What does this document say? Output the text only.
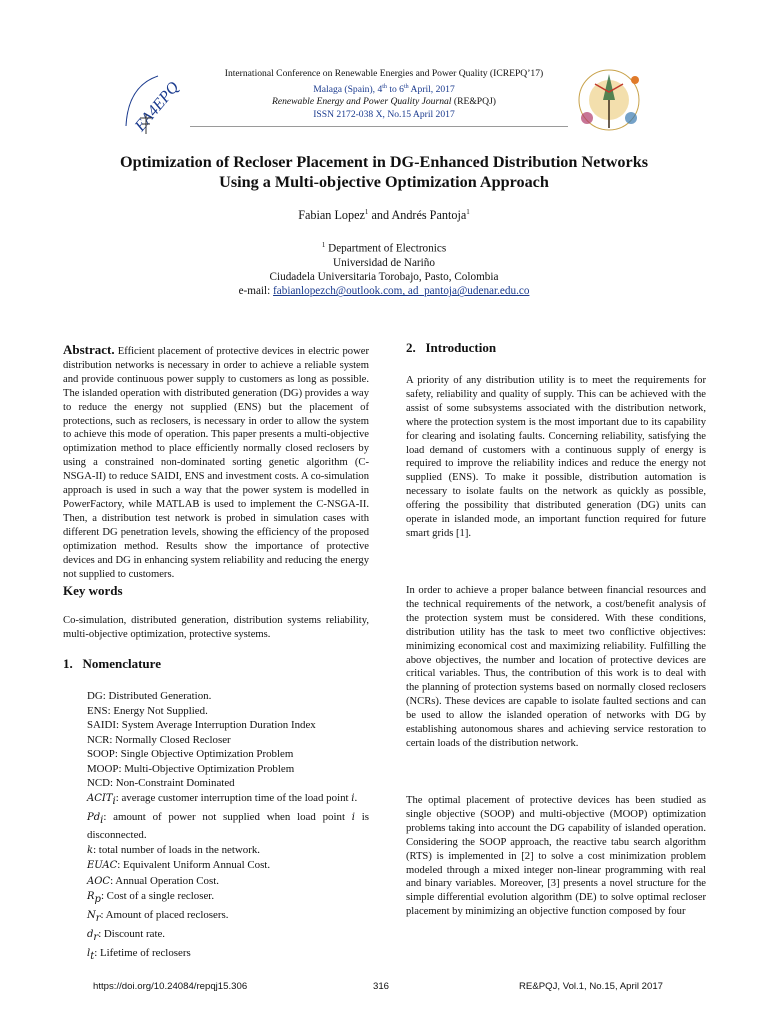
EA4EPQ
International Conference on Renewable Energies and Power Quality (ICREPQ’17)
Malaga (Spain), 4th to 6th April, 2017
Renewable Energy and Power Quality Journal (RE&PQJ)
ISSN 2172-038 X, No.15 April 2017
Optimization of Recloser Placement in DG-Enhanced Distribution Networks
Using a Multi-objective Optimization Approach
Fabian Lopez$^1$ and Andrés Pantoja$^1$
$^1$ Department of Electronics
Universidad de Nariño
Ciudadela Universitaria Torobajo, Pasto, Colombia
e-mail: fabianlopezch@outlook.com, ad_pantoja@udenar.edu.co
Abstract. Efficient placement of protective devices in electric power distribution networks is necessary in order to achieve a reliable system and provide continuous power supply to customers as long as possible. The islanded operation with distributed generation (DG) provides a way to reduce the energy not supplied (ENS) but the placement of protections, such as reclosers, is necessary in order to allow the system to achieve this mode of operation. This paper presents a multi-objective optimization method to place efficiently normally closed reclosers by using a constrained non-dominated sorting genetic algorithm (C-NSGA-II) to reduce SAIDI, ENS and investment costs. A co-simulation approach is used in such a way that the power system is modelled in PowerFactory, while MATLAB is used to implement the C-NSGA-II. Then, a distribution test network is probed in simulation cases with different DG penetration levels, showing the efficiency of the proposed optimization method. Results show the importance of protective devices and DG in enhancing system reliability and reducing the energy not supplied to customers.
Key words
Co-simulation, distributed generation, distribution systems reliability, multi-objective optimization, protective systems.
1.   Nomenclature
DG: Distributed Generation.
ENS: Energy Not Supplied.
SAIDI: System Average Interruption Duration Index
NCR: Normally Closed Recloser
SOOP: Single Objective Optimization Problem
MOOP: Multi-Objective Optimization Problem
NCD: Non-Constraint Dominated
$ACIT_i$: average customer interruption time of the load point i.
$Pd_i$: amount of power not supplied when load point i is disconnected.
k: total number of loads in the network.
EUAC: Equivalent Uniform Annual Cost.
AOC: Annual Operation Cost.
$R_p$: Cost of a single recloser.
$N_r$: Amount of placed reclosers.
$d_r$: Discount rate.
$l_t$: Lifetime of reclosers
2.   Introduction
A priority of any distribution utility is to meet the requirements for safety, reliability and quality of supply. This can be achieved with the assist of some subsystems associated with the distribution network, where the protection system is the most important due to its capability for clearing and isolating faults. Concerning reliability, satisfying the load demand of customers with a continuous supply of energy is required to improve the reliability indices and reduce the energy not supplied (ENS). To make it possible, distribution automation is necessary to isolate faults on the network as quickly as possible, offering the possibility that distributed generation (DG) units can operate in islanded mode, an important function required for future smart grids [1].
In order to achieve a proper balance between financial resources and the technical requirements of the network, a cost/benefit analysis of the protection system must be considered. With these conditions, distribution utility has the task to meet two conflictive objectives: minimizing economical cost and maximizing reliability. Fulfilling the above objectives, the number and location of protective devices are critical variables. Thus, the contribution of this work is to deal with the planning of protection systems based on normally closed reclosers (NCRs). These devices are capable to isolate faulted sections and can be used to allow the islanded operation of networks with DG by establishing autonomous shares and achieving service restoration to certain loads of the distribution network.
The optimal placement of protective devices has been studied as single objective (SOOP) and multi-objective (MOOP) optimization problems taking into account the DG capability of islanded operation. Considering the SOOP approach, the reactive tabu search algorithm (RTS) is implemented in [2] to solve a cost minimization problem modeled through a mixed integer non-linear programming with real and binary variables. Moreover, [3] presents a novel structure for the simple differential evolution algorithm (DE) to solve optimal recloser placement by minimizing an objective function composed by four
https://doi.org/10.24084/repqj15.306	316	RE&PQJ, Vol.1, No.15, April 2017
